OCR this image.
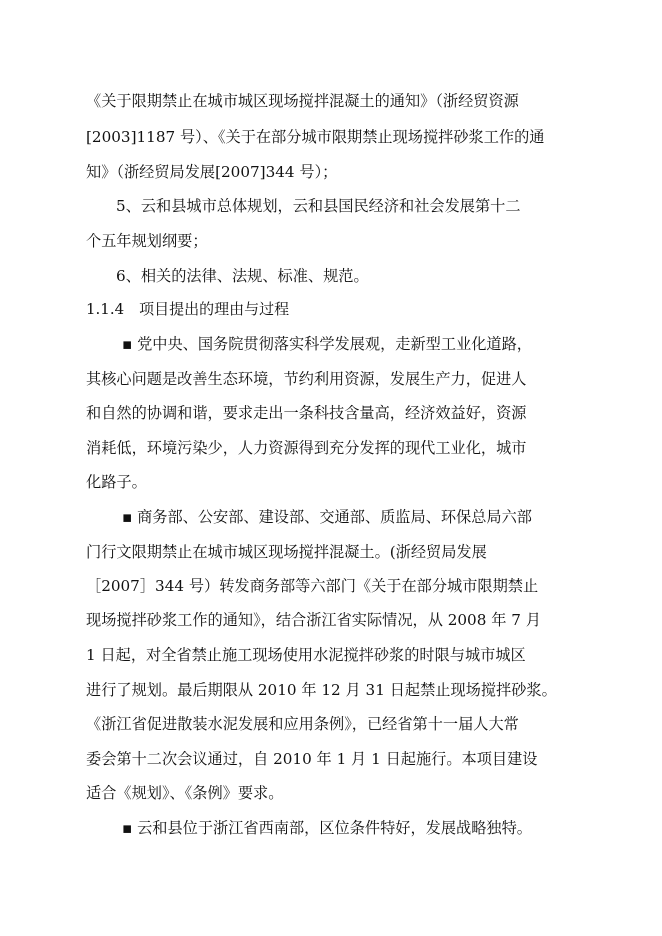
《关于限期禁止在城市城区现场搅拌混凝土的通知》（浙经贸资源
[2003]1187 号）、《关于在部分城市限期禁止现场搅拌砂浆工作的通
知》（浙经贸局发展[2007]344 号）；
5、云和县城市总体规划，云和县国民经济和社会发展第十二
个五年规划纲要；
6、相关的法律、法规、标准、规范。
1.1.4　项目提出的理由与过程
▪ 党中央、国务院贯彻落实科学发展观，走新型工业化道路，
其核心问题是改善生态环境，节约利用资源，发展生产力，促进人
和自然的协调和谐，要求走出一条科技含量高，经济效益好，资源
消耗低，环境污染少，人力资源得到充分发挥的现代工业化，城市
化路子。
▪ 商务部、公安部、建设部、交通部、质监局、环保总局六部
门行文限期禁止在城市城区现场搅拌混凝土。(浙经贸局发展
［2007］344 号）转发商务部等六部门《关于在部分城市限期禁止
现场搅拌砂浆工作的通知》，结合浙江省实际情况，从 2008 年 7 月
1 日起，对全省禁止施工现场使用水泥搅拌砂浆的时限与城市城区
进行了规划。最后期限从 2010 年 12 月 31 日起禁止现场搅拌砂浆。
《浙江省促进散装水泥发展和应用条例》，已经省第十一届人大常
委会第十二次会议通过，自 2010 年 1 月 1 日起施行。本项目建设
适合《规划》、《条例》要求。
▪ 云和县位于浙江省西南部，区位条件特好，发展战略独特。
